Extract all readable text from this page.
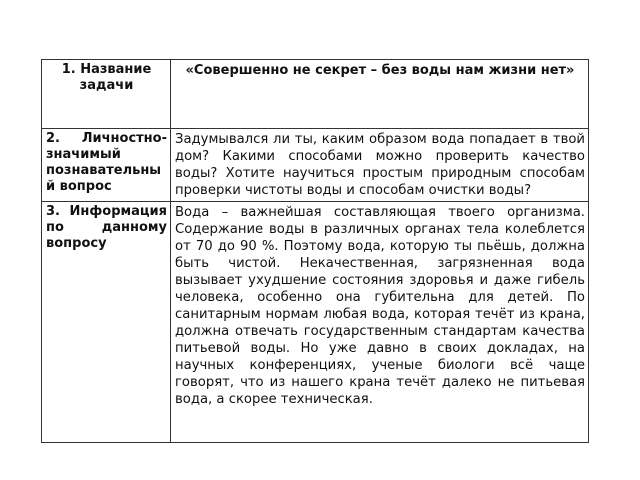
1. Название задачи	«Совершенно не секрет – без воды нам жизни нет»
2. Личностно-значимый познавательный вопрос	Задумывался ли ты, каким образом вода попадает в твой дом? Какими способами можно проверить качество воды? Хотите научиться простым природным способам проверки чистоты воды и способам очистки воды?
3. Информация по данному вопросу	Вода – важнейшая составляющая твоего организма. Содержание воды в различных органах тела колеблется от 70 до 90 %. Поэтому вода, которую ты пьёшь, должна быть чистой. Некачественная, загрязненная вода вызывает ухудшение состояния здоровья и даже гибель человека, особенно она губительна для детей. По санитарным нормам любая вода, которая течёт из крана, должна отвечать государственным стандартам качества питьевой воды. Но уже давно в своих докладах, на научных конференциях, ученые биологи всё чаще говорят, что из нашего крана течёт далеко не питьевая вода, а скорее техническая.
